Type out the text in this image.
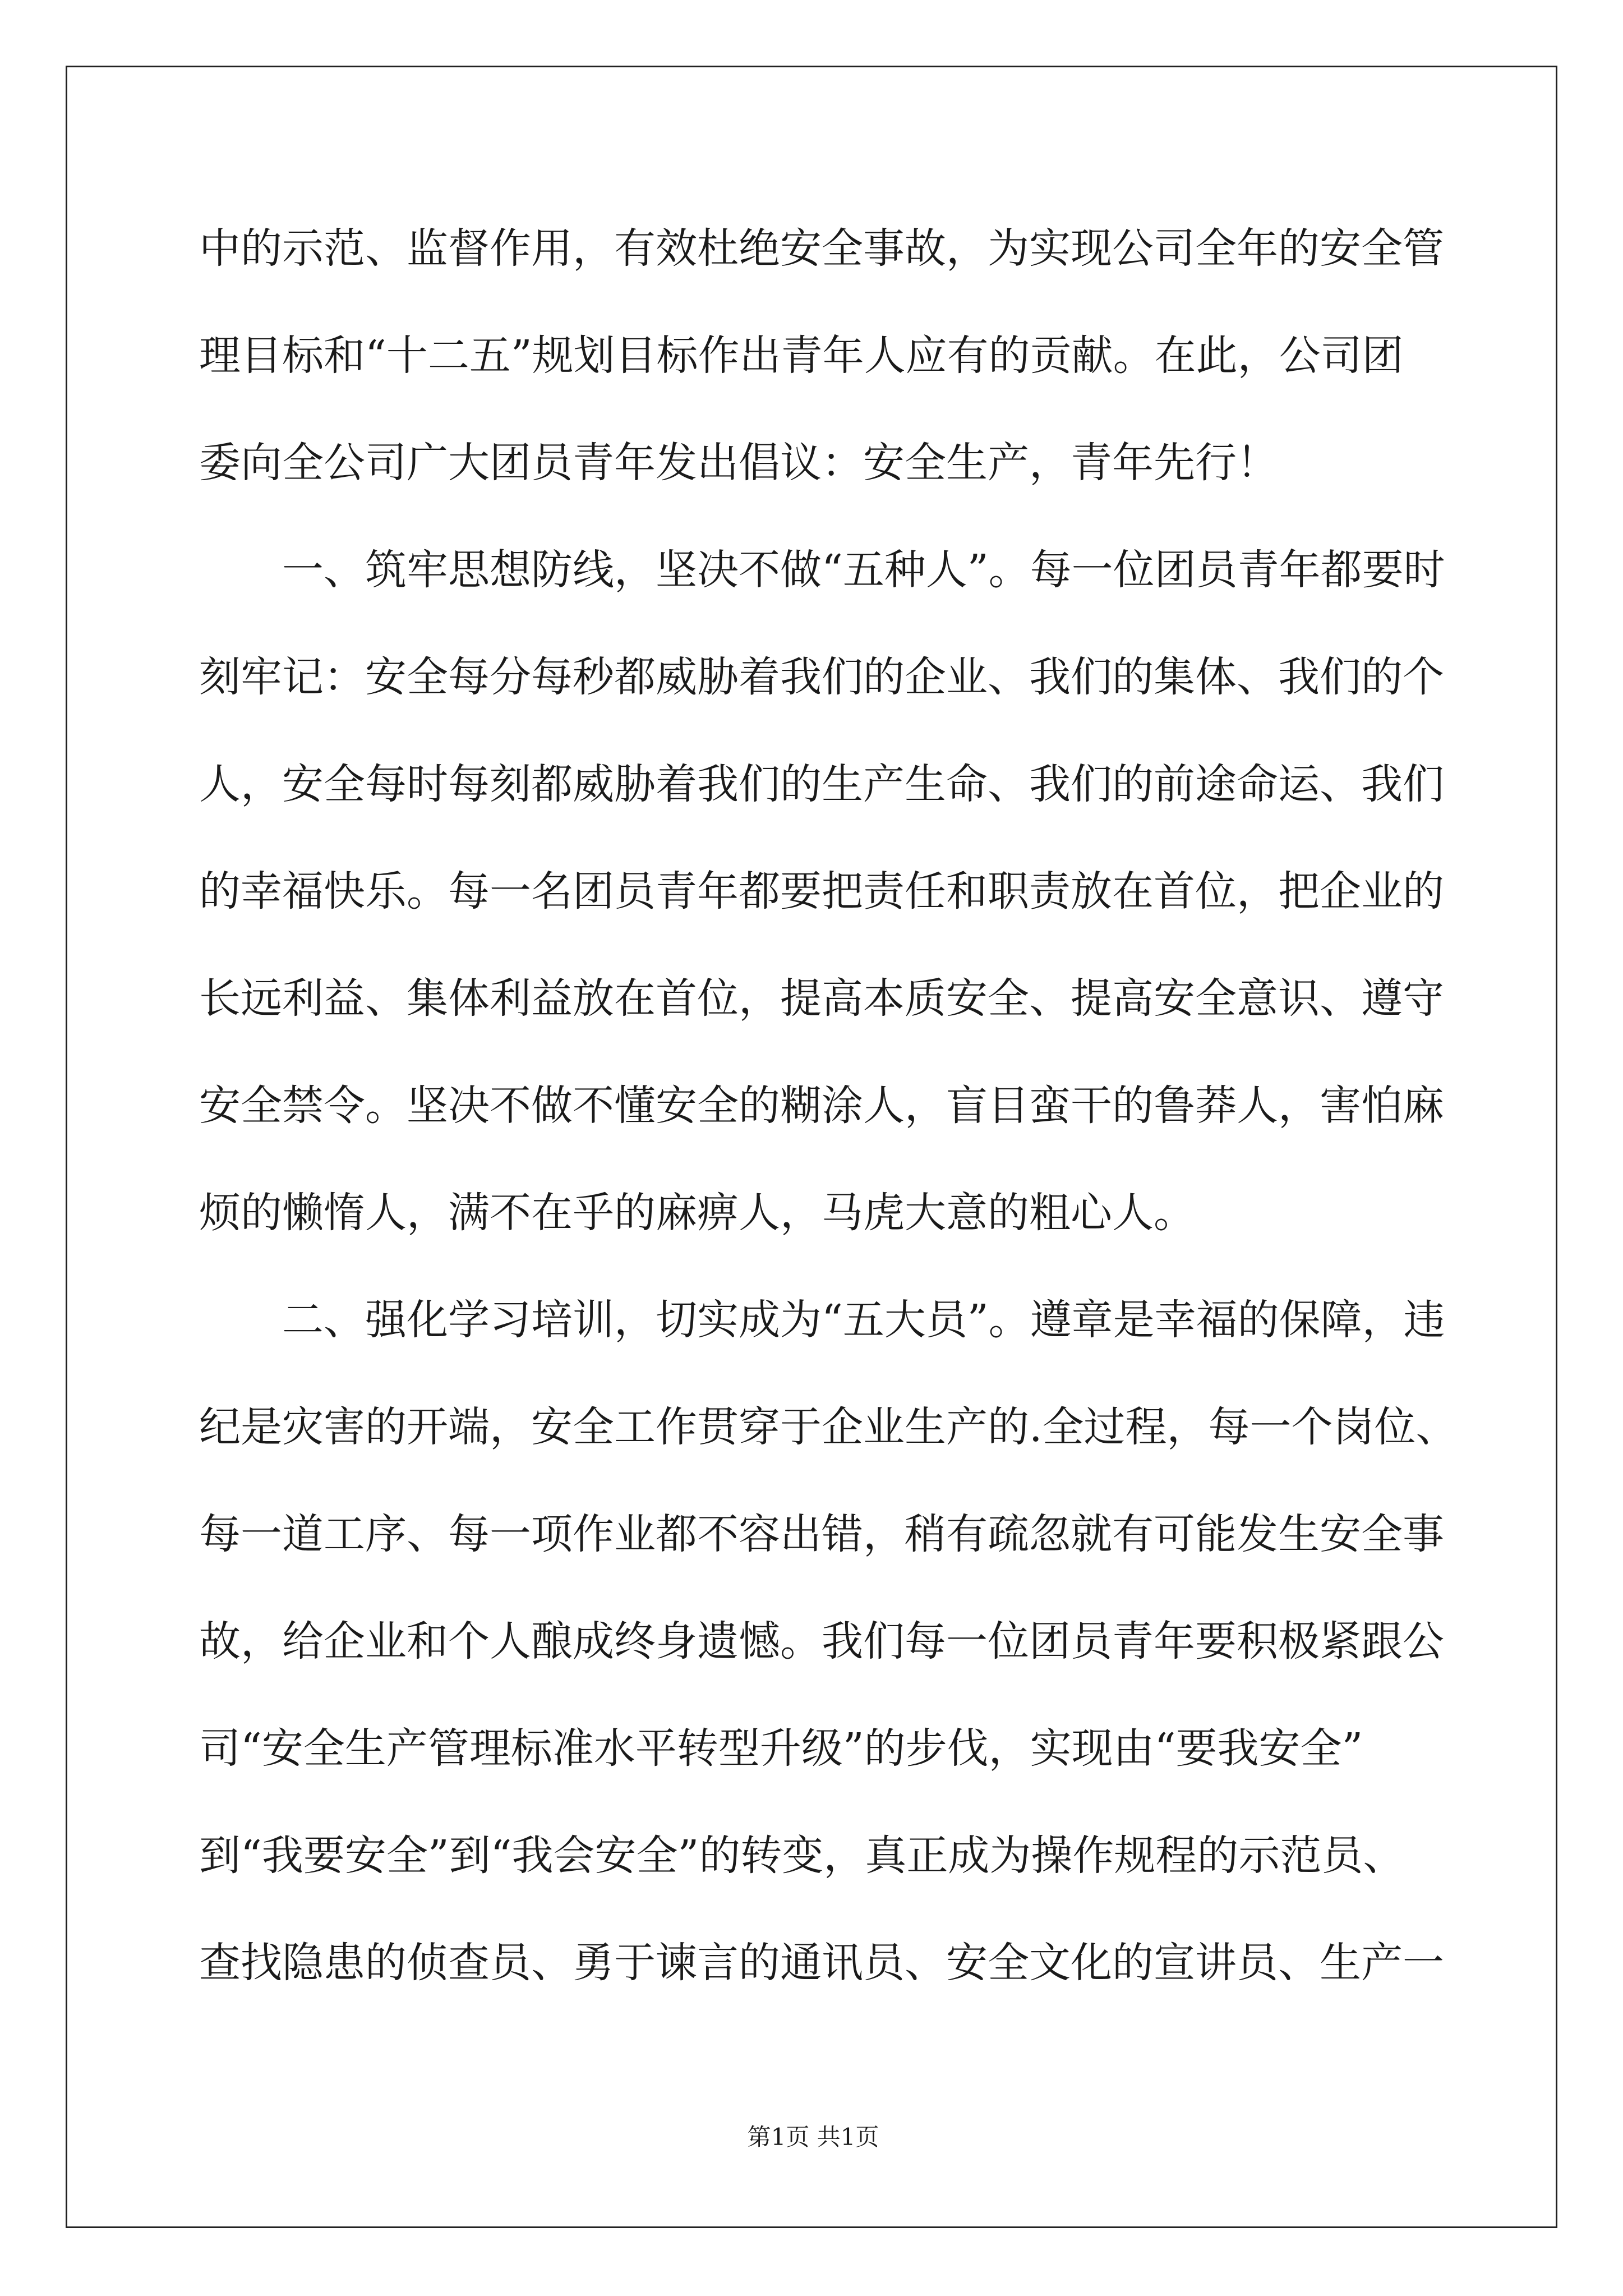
中的示范、监督作用，有效杜绝安全事故，为实现公司全年的安全管

理目标和“十二五”规划目标作出青年人应有的贡献。在此，公司团

委向全公司广大团员青年发出倡议：安全生产，青年先行！

一、筑牢思想防线，坚决不做“五种人”。每一位团员青年都要时

刻牢记：安全每分每秒都威胁着我们的企业、我们的集体、我们的个

人，安全每时每刻都威胁着我们的生产生命、我们的前途命运、我们

的幸福快乐。每一名团员青年都要把责任和职责放在首位，把企业的

长远利益、集体利益放在首位，提高本质安全、提高安全意识、遵守

安全禁令。坚决不做不懂安全的糊涂人，盲目蛮干的鲁莽人，害怕麻

烦的懒惰人，满不在乎的麻痹人，马虎大意的粗心人。

二、强化学习培训，切实成为“五大员”。遵章是幸福的保障，违

纪是灾害的开端，安全工作贯穿于企业生产的.全过程，每一个岗位、

每一道工序、每一项作业都不容出错，稍有疏忽就有可能发生安全事

故，给企业和个人酿成终身遗憾。我们每一位团员青年要积极紧跟公

司“安全生产管理标准水平转型升级”的步伐，实现由“要我安全”

到“我要安全”到“我会安全”的转变，真正成为操作规程的示范员、

查找隐患的侦查员、勇于谏言的通讯员、安全文化的宣讲员、生产一

第1页 共1页
